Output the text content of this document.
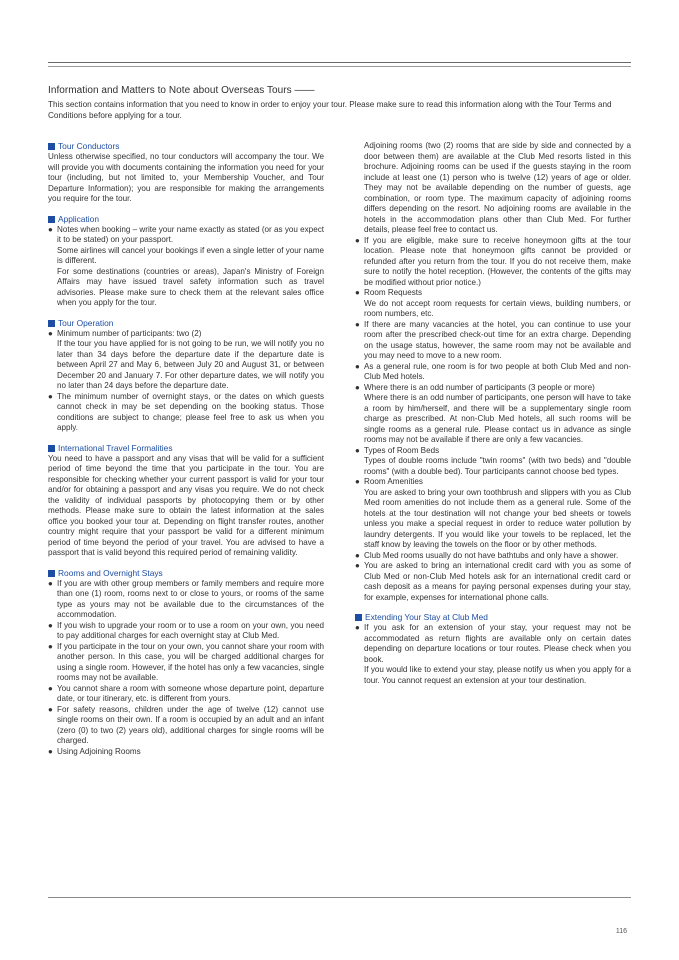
Information and Matters to Note about Overseas Tours ——

This section contains information that you need to know in order to enjoy your tour. Please make sure to read this information along with the Tour Terms and Conditions before applying for a tour.

Tour Conductors

Unless otherwise specified, no tour conductors will accompany the tour. We will provide you with documents containing the information you need for your tour (including, but not limited to, your Membership Voucher, and Tour Departure Information); you are responsible for making the arrangements you require for the tour.

Application

● Notes when booking – write your name exactly as stated (or as you expect it to be stated) on your passport.

Some airlines will cancel your bookings if even a single letter of your name is different.

For some destinations (countries or areas), Japan's Ministry of Foreign Affairs may have issued travel safety information such as travel advisories. Please make sure to check them at the relevant sales office when you apply for the tour.

Tour Operation

● Minimum number of participants: two (2)

If the tour you have applied for is not going to be run, we will notify you no later than 34 days before the departure date if the departure date is between April 27 and May 6, between July 20 and August 31, or between December 20 and January 7. For other departure dates, we will notify you no later than 24 days before the departure date.

● The minimum number of overnight stays, or the dates on which guests cannot check in may be set depending on the booking status. Those conditions are subject to change; please feel free to ask us when you apply.

International Travel Formalities

You need to have a passport and any visas that will be valid for a sufficient period of time beyond the time that you participate in the tour. You are responsible for checking whether your current passport is valid for your tour and/or for obtaining a passport and any visas you require. We do not check the validity of individual passports by photocopying them or by other methods. Please make sure to obtain the latest information at the sales office you booked your tour at. Depending on flight transfer routes, another country might require that your passport be valid for a different minimum period of time beyond the period of your travel. You are advised to have a passport that is valid beyond this required period of remaining validity.

Rooms and Overnight Stays

● If you are with other group members or family members and require more than one (1) room, rooms next to or close to yours, or rooms of the same type as yours may not be available due to the circumstances of the accommodation.

● If you wish to upgrade your room or to use a room on your own, you need to pay additional charges for each overnight stay at Club Med.

● If you participate in the tour on your own, you cannot share your room with another person. In this case, you will be charged additional charges for using a single room. However, if the hotel has only a few vacancies, single rooms may not be available.

● You cannot share a room with someone whose departure point, departure date, or tour itinerary, etc. is different from yours.

● For safety reasons, children under the age of twelve (12) cannot use single rooms on their own. If a room is occupied by an adult and an infant (zero (0) to two (2) years old), additional charges for single rooms will be charged.

● Using Adjoining Rooms

Adjoining rooms (two (2) rooms that are side by side and connected by a door between them) are available at the Club Med resorts listed in this brochure. Adjoining rooms can be used if the guests staying in the room include at least one (1) person who is twelve (12) years of age or older. They may not be available depending on the number of guests, age combination, or room type. The maximum capacity of adjoining rooms differs depending on the resort. No adjoining rooms are available in the hotels in the accommodation plans other than Club Med. For further details, please feel free to contact us.

● If you are eligible, make sure to receive honeymoon gifts at the tour location. Please note that honeymoon gifts cannot be provided or refunded after you return from the tour. If you do not receive them, make sure to notify the hotel reception. (However, the contents of the gifts may be modified without prior notice.)

● Room Requests

We do not accept room requests for certain views, building numbers, or room numbers, etc.

● If there are many vacancies at the hotel, you can continue to use your room after the prescribed check-out time for an extra charge. Depending on the usage status, however, the same room may not be available and you may need to move to a new room.

● As a general rule, one room is for two people at both Club Med and non-Club Med hotels.

● Where there is an odd number of participants (3 people or more)

Where there is an odd number of participants, one person will have to take a room by him/herself, and there will be a supplementary single room charge as prescribed. At non-Club Med hotels, all such rooms will be single rooms as a general rule. Please contact us in advance as single rooms may not be available if there are only a few vacancies.

● Types of Room Beds

Types of double rooms include "twin rooms" (with two beds) and "double rooms" (with a double bed). Tour participants cannot choose bed types.

● Room Amenities

You are asked to bring your own toothbrush and slippers with you as Club Med room amenities do not include them as a general rule. Some of the hotels at the tour destination will not change your bed sheets or towels unless you make a special request in order to reduce water pollution by laundry detergents. If you would like your towels to be replaced, let the staff know by leaving the towels on the floor or by other methods.

● Club Med rooms usually do not have bathtubs and only have a shower.

● You are asked to bring an international credit card with you as some of Club Med or non-Club Med hotels ask for an international credit card or cash deposit as a means for paying personal expenses during your stay, for example, expenses for international phone calls.

Extending Your Stay at Club Med

● If you ask for an extension of your stay, your request may not be accommodated as return flights are available only on certain dates depending on departure locations or tour routes. Please check when you book.

If you would like to extend your stay, please notify us when you apply for a tour. You cannot request an extension at your tour destination.

116
